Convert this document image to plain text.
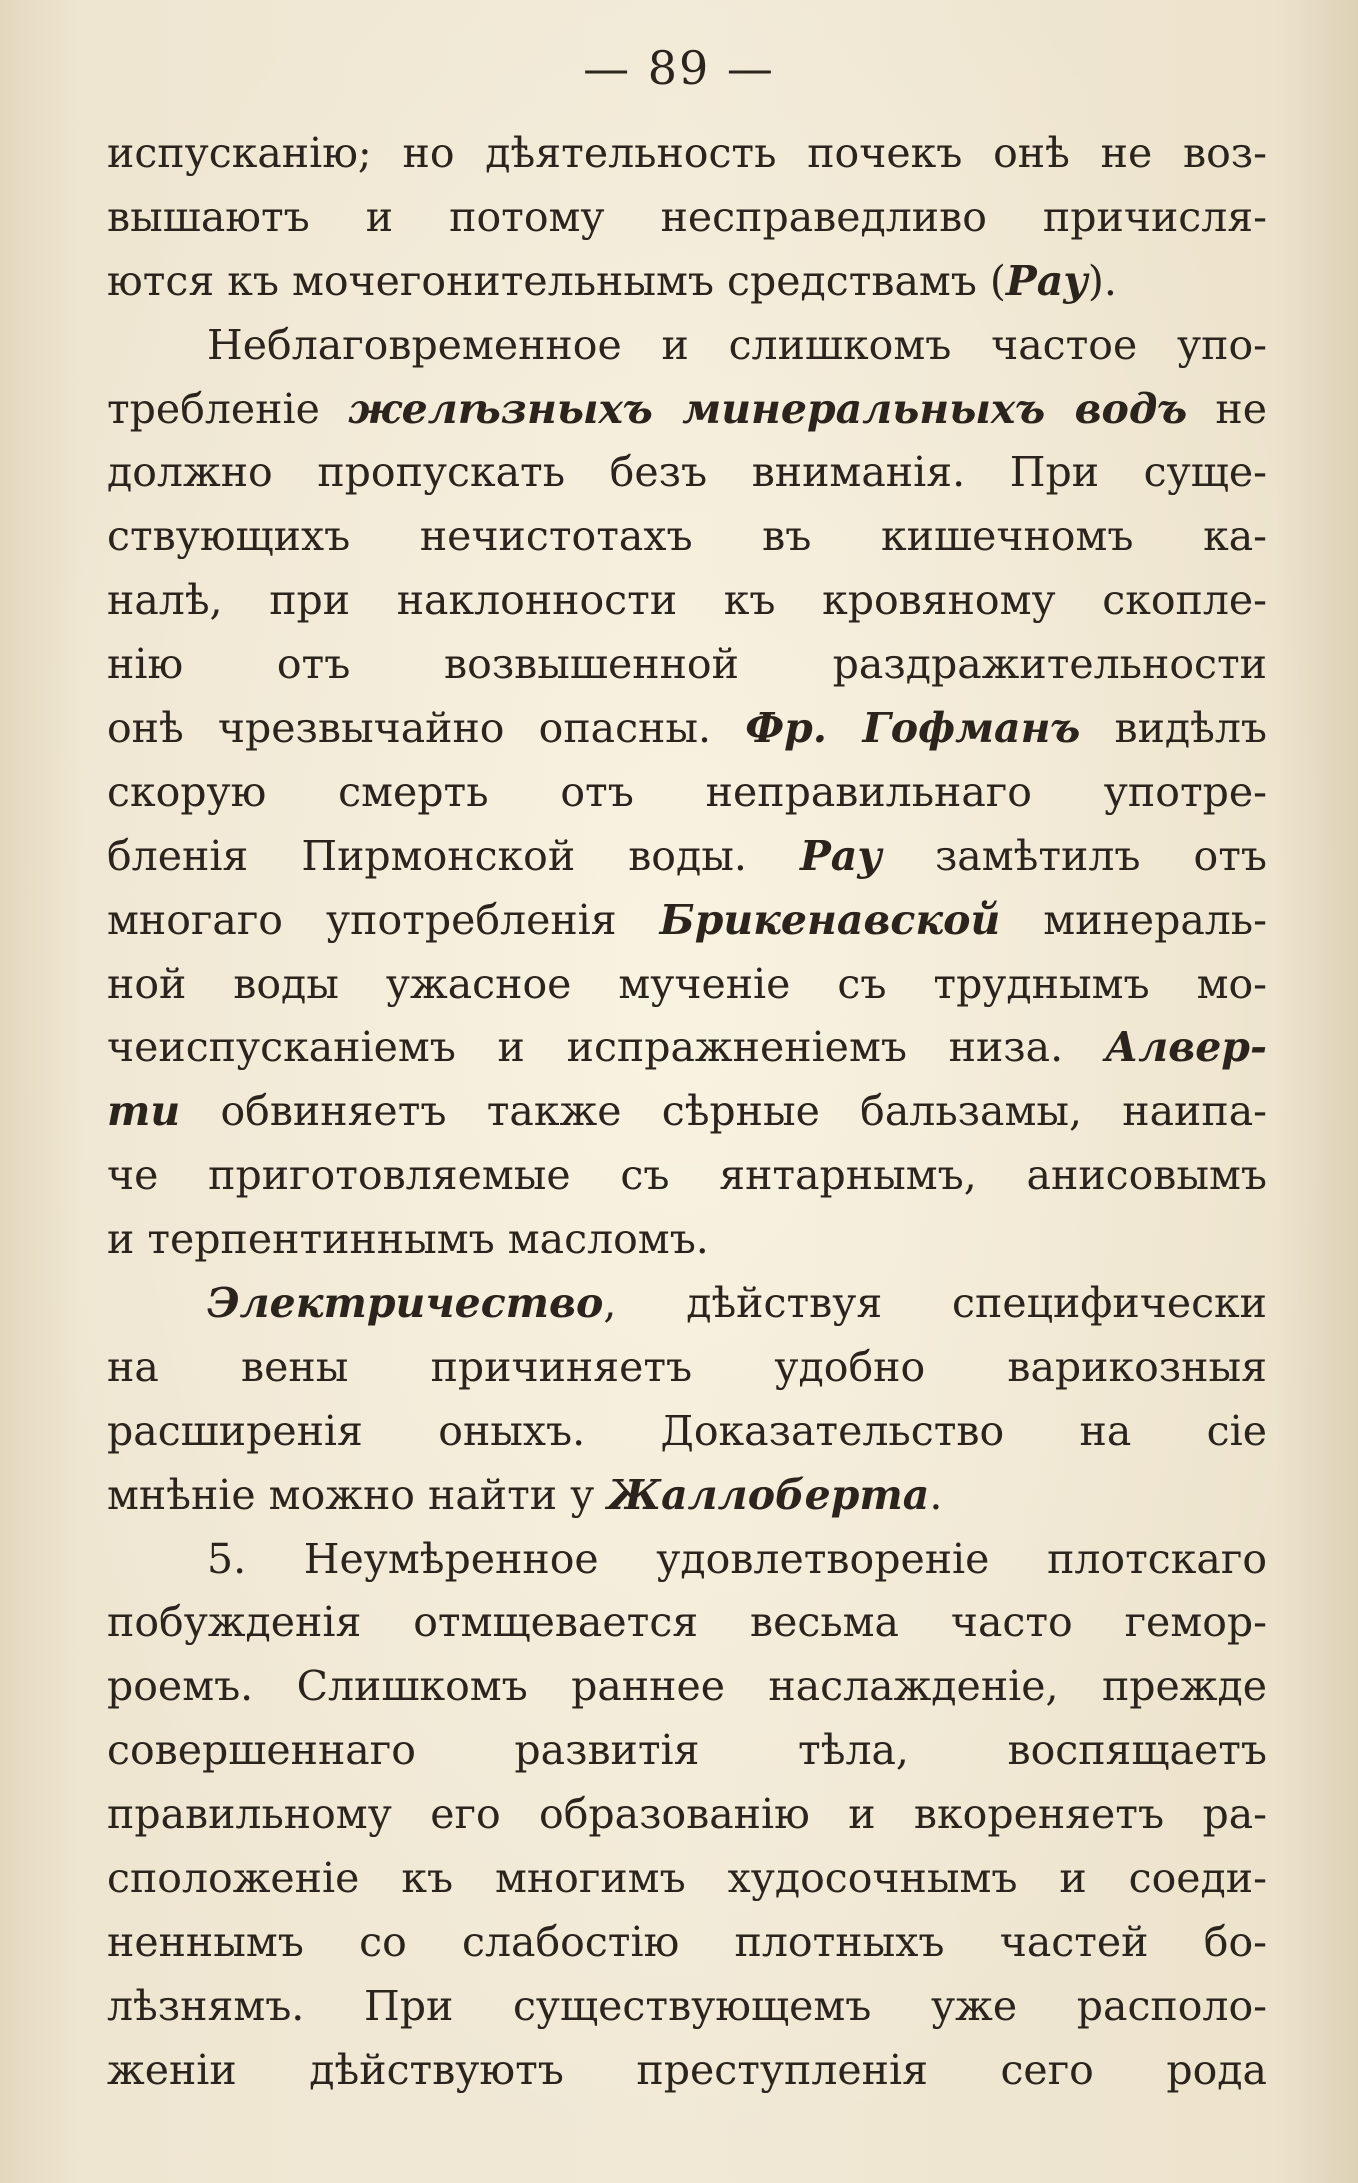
— 89 —
испусканію; но дѣятельность почекъ онѣ не воз-
вышаютъ и потому несправедливо причисля-
ются къ мочегонительнымъ средствамъ (Рау).
Неблаговременное и слишкомъ частое упо-
требленіе желѣзныхъ минеральныхъ водъ не
должно пропускать безъ вниманія. При суще-
ствующихъ нечистотахъ въ кишечномъ ка-
налѣ, при наклонности къ кровяному скопле-
нію отъ возвышенной раздражительности
онѣ чрезвычайно опасны. Фр. Гофманъ видѣлъ
скорую смерть отъ неправильнаго употре-
бленія Пирмонской воды. Рау замѣтилъ отъ
многаго употребленія Брикенавской минераль-
ной воды ужасное мученіе съ труднымъ мо-
чеиспусканіемъ и испражненіемъ низа. Алвер-
ти обвиняетъ также сѣрные бальзамы, наипа-
че приготовляемые съ янтарнымъ, анисовымъ
и терпентиннымъ масломъ.
Электричество, дѣйствуя специфически
на вены причиняетъ удобно варикозныя
расширенія оныхъ. Доказательство на сіе
мнѣніе можно найти у Жаллоберта.
5. Неумѣренное удовлетвореніе плотскаго
побужденія отмщевается весьма часто гемор-
роемъ. Слишкомъ раннее наслажденіе, прежде
совершеннаго развитія тѣла, воспящаетъ
правильному его образованію и вкореняетъ ра-
сположеніе къ многимъ худосочнымъ и соеди-
неннымъ со слабостію плотныхъ частей бо-
лѣзнямъ. При существующемъ уже располо-
женіи дѣйствуютъ преступленія сего рода
